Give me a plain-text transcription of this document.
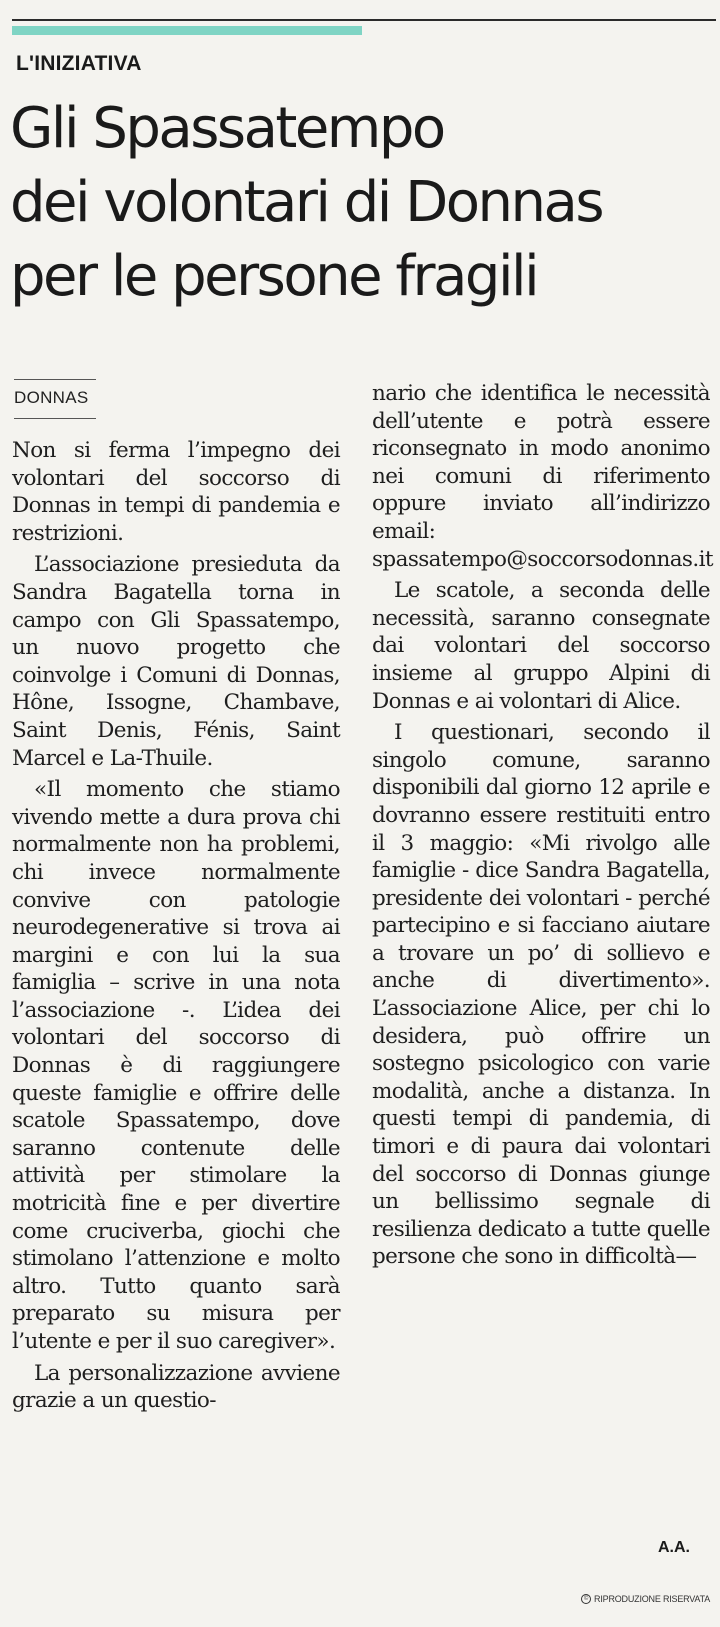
L'INIZIATIVA
Gli Spassatempo
dei volontari di Donnas
per le persone fragili
DONNAS

Non si ferma l’impegno dei volontari del soccorso di Donnas in tempi di pandemia e restrizioni.

L’associazione presieduta da Sandra Bagatella torna in campo con Gli Spassatempo, un nuovo progetto che coinvolge i Comuni di Donnas, Hône, Issogne, Chambave, Saint Denis, Fénis, Saint Marcel e La-Thuile.

«Il momento che stiamo vivendo mette a dura prova chi normalmente non ha problemi, chi invece normalmente convive con patologie neurodegenerative si trova ai margini e con lui la sua famiglia – scrive in una nota l’associazione -. L’idea dei volontari del soccorso di Donnas è di raggiungere queste famiglie e offrire delle scatole Spassatempo, dove saranno contenute delle attività per stimolare la motricità fine e per divertire come cruciverba, giochi che stimolano l’attenzione e molto altro. Tutto quanto sarà preparato su misura per l’utente e per il suo caregiver».

La personalizzazione avviene grazie a un questio-

nario che identifica le necessità dell’utente e potrà essere riconsegnato in modo anonimo nei comuni di riferimento oppure inviato all’indirizzo email: spassatempo@soccorsodonnas.it

Le scatole, a seconda delle necessità, saranno consegnate dai volontari del soccorso insieme al gruppo Alpini di Donnas e ai volontari di Alice.

I questionari, secondo il singolo comune, saranno disponibili dal giorno 12 aprile e dovranno essere restituiti entro il 3 maggio: «Mi rivolgo alle famiglie - dice Sandra Bagatella, presidente dei volontari - perché partecipino e si facciano aiutare a trovare un po’ di sollievo e anche di divertimento». L’associazione Alice, per chi lo desidera, può offrire un sostegno psicologico con varie modalità, anche a distanza. In questi tempi di pandemia, di timori e di paura dai volontari del soccorso di Donnas giunge un bellissimo segnale di resilienza dedicato a tutte quelle persone che sono in difficoltà—

A.A.
© RIPRODUZIONE RISERVATA
